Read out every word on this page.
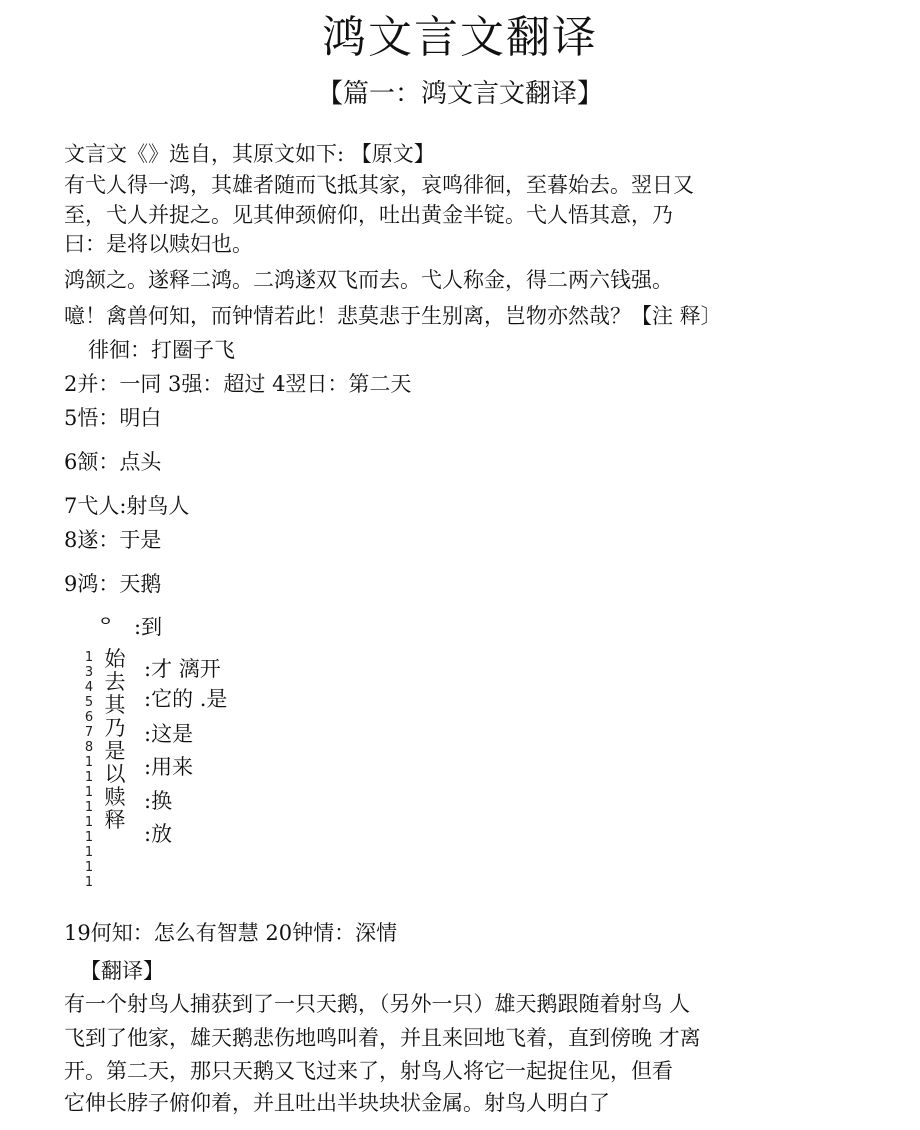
鸿文言文翻译
【篇一：鸿文言文翻译】
文言文《》选自，其原文如下: 【原文】
有弋人得一鸿，其雄者随而飞抵其家，哀鸣徘徊，至暮始去。翌日又
至，弋人并捉之。见其伸颈俯仰，吐出黄金半锭。弋人悟其意，乃
曰：是将以赎妇也。
鸿颔之。遂释二鸿。二鸿遂双飞而去。弋人称金，得二两六钱强。
噫！禽兽何知，而钟情若此！悲莫悲于生别离，岂物亦然哉？【注 释〕
徘徊：打圈子飞
2并：一同 3强：超过 4翌日：第二天
5悟：明白
6颔：点头
7弋人:射鸟人
8遂：于是
9鸿：天鹅
ᄋ :到
1
3
4
5
6
7
8
1
1
1
1
1
1
1
1
1
始
去
其
乃
是
以
赎
释
:才 漓开
:它的 .是
:这是
:用来
:换
:放
19何知：怎么有智慧 20钟情：深情
【翻译】
有一个射鸟人捕获到了一只天鹅，（另外一只）雄天鹅跟随着射鸟 人
飞到了他家，雄天鹅悲伤地鸣叫着，并且来回地飞着，直到傍晚 才离
开。第二天，那只天鹅又飞过来了，射鸟人将它一起捉住见，但看
它伸长脖子俯仰着，并且吐出半块块状金属。射鸟人明白了
